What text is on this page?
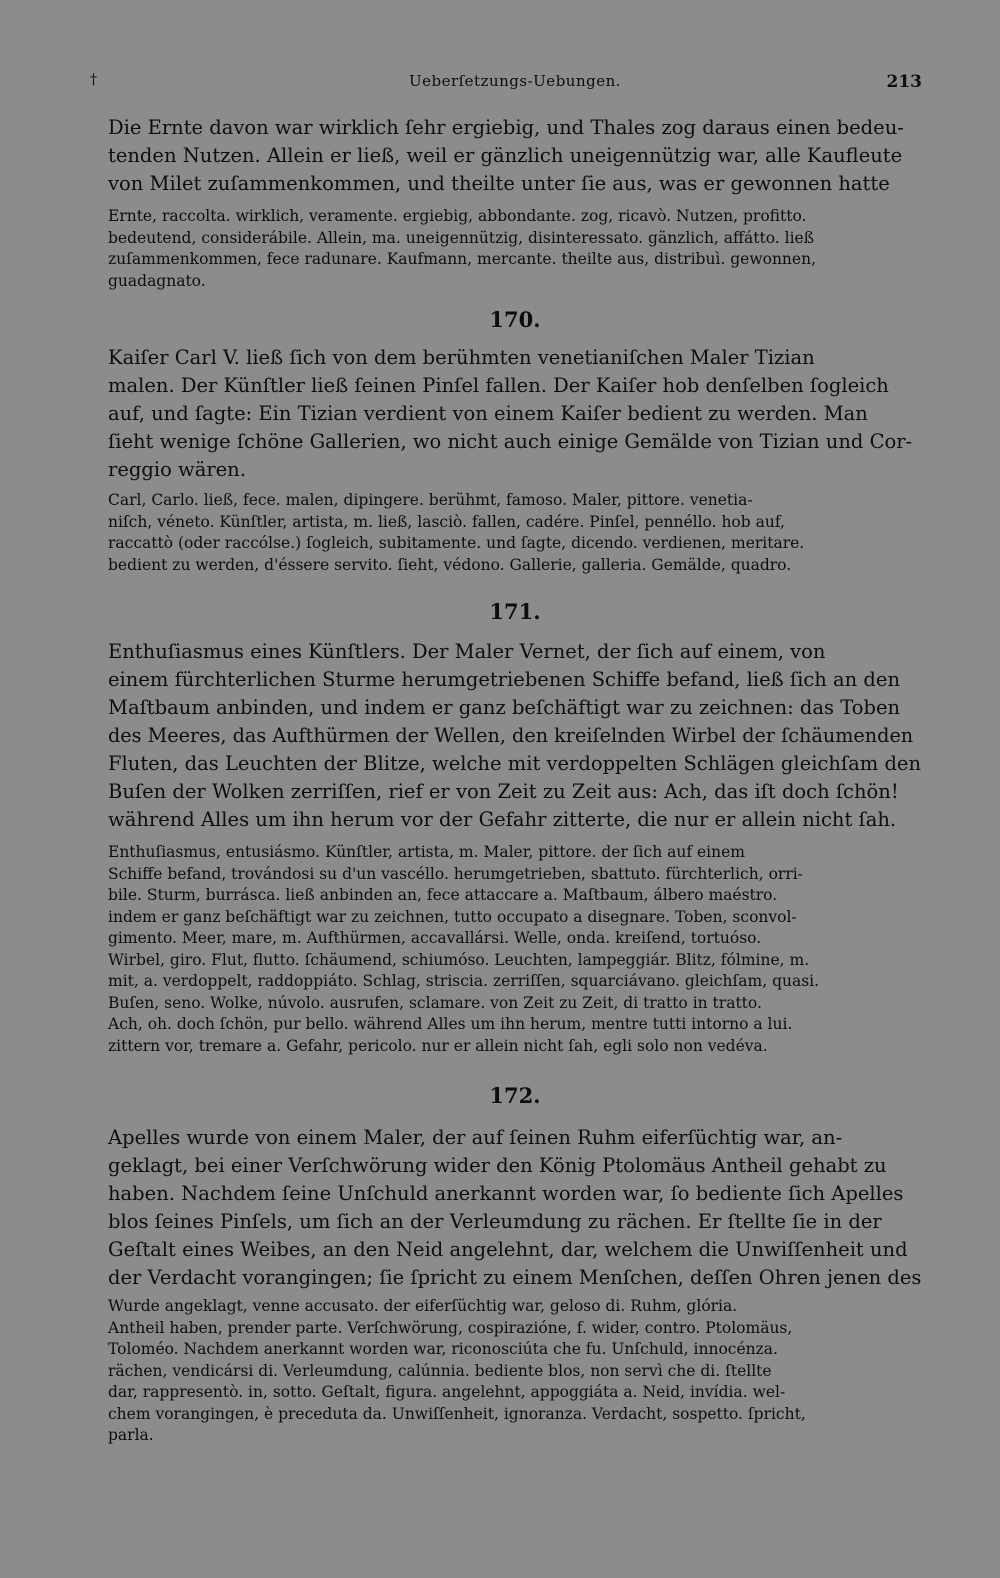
†	Ueberſetzungs-Uebungen.	213
Die Ernte davon war wirklich ſehr ergiebig, und Thales zog daraus einen bedeu-
tenden Nutzen. Allein er ließ, weil er gänzlich uneigennützig war, alle Kaufleute
von Milet zuſammenkommen, und theilte unter ſie aus, was er gewonnen hatte
Ernte, raccolta. wirklich, veramente. ergiebig, abbondante. zog, ricavò. Nutzen, profitto.
bedeutend, considerábile. Allein, ma. uneigennützig, disinteressato. gänzlich, affátto. ließ
zuſammenkommen, fece radunare. Kaufmann, mercante. theilte aus, distribuì. gewonnen,
guadagnato.
170.
Kaiſer Carl V. ließ ſich von dem berühmten venetianiſchen Maler Tizian
malen. Der Künſtler ließ ſeinen Pinſel fallen. Der Kaiſer hob denſelben ſogleich
auf, und ſagte: Ein Tizian verdient von einem Kaiſer bedient zu werden. Man
ſieht wenige ſchöne Gallerien, wo nicht auch einige Gemälde von Tizian und Cor-
reggio wären.
Carl, Carlo. ließ, fece. malen, dipingere. berühmt, famoso. Maler, pittore. venetia-
niſch, véneto. Künſtler, artista, m. ließ, lasciò. fallen, cadére. Pinſel, pennéllo. hob auf,
raccattò (oder raccólse.) ſogleich, subitamente. und ſagte, dicendo. verdienen, meritare.
bedient zu werden, d'éssere servito. ſieht, védono. Gallerie, galleria. Gemälde, quadro.
171.
Enthuſiasmus eines Künſtlers. Der Maler Vernet, der ſich auf einem, von
einem fürchterlichen Sturme herumgetriebenen Schiffe befand, ließ ſich an den
Maſtbaum anbinden, und indem er ganz beſchäftigt war zu zeichnen: das Toben
des Meeres, das Aufthürmen der Wellen, den kreiſelnden Wirbel der ſchäumenden
Fluten, das Leuchten der Blitze, welche mit verdoppelten Schlägen gleichſam den
Buſen der Wolken zerriſſen, rief er von Zeit zu Zeit aus: Ach, das iſt doch ſchön!
während Alles um ihn herum vor der Gefahr zitterte, die nur er allein nicht ſah.
Enthuſiasmus, entusiásmo. Künſtler, artista, m. Maler, pittore. der ſich auf einem
Schiffe befand, trovándosi su d'un vascéllo. herumgetrieben, sbattuto. fürchterlich, orri-
bile. Sturm, burrásca. ließ anbinden an, fece attaccare a. Maſtbaum, álbero maéstro.
indem er ganz beſchäftigt war zu zeichnen, tutto occupato a disegnare. Toben, sconvol-
gimento. Meer, mare, m. Aufthürmen, accavallársi. Welle, onda. kreiſend, tortuóso.
Wirbel, giro. Flut, flutto. ſchäumend, schiumóso. Leuchten, lampeggiár. Blitz, fólmine, m.
mit, a. verdoppelt, raddoppiáto. Schlag, striscia. zerriſſen, squarciávano. gleichſam, quasi.
Buſen, seno. Wolke, núvolo. ausrufen, sclamare. von Zeit zu Zeit, di tratto in tratto.
Ach, oh. doch ſchön, pur bello. während Alles um ihn herum, mentre tutti intorno a lui.
zittern vor, tremare a. Gefahr, pericolo. nur er allein nicht ſah, egli solo non vedéva.
172.
Apelles wurde von einem Maler, der auf ſeinen Ruhm eiferſüchtig war, an-
geklagt, bei einer Verſchwörung wider den König Ptolomäus Antheil gehabt zu
haben. Nachdem ſeine Unſchuld anerkannt worden war, ſo bediente ſich Apelles
blos ſeines Pinſels, um ſich an der Verleumdung zu rächen. Er ſtellte ſie in der
Geſtalt eines Weibes, an den Neid angelehnt, dar, welchem die Unwiſſenheit und
der Verdacht vorangingen; ſie ſpricht zu einem Menſchen, deſſen Ohren jenen des
Wurde angeklagt, venne accusato. der eiferſüchtig war, geloso di. Ruhm, glória.
Antheil haben, prender parte. Verſchwörung, cospirazióne, f. wider, contro. Ptolomäus,
Toloméo. Nachdem anerkannt worden war, riconosciúta che fu. Unſchuld, innocénza.
rächen, vendicársi di. Verleumdung, calúnnia. bediente blos, non servì che di. ſtellte
dar, rappresentò. in, sotto. Geſtalt, figura. angelehnt, appoggiáta a. Neid, invídia. wel-
chem vorangingen, è preceduta da. Unwiſſenheit, ignoranza. Verdacht, sospetto. ſpricht,
parla.
